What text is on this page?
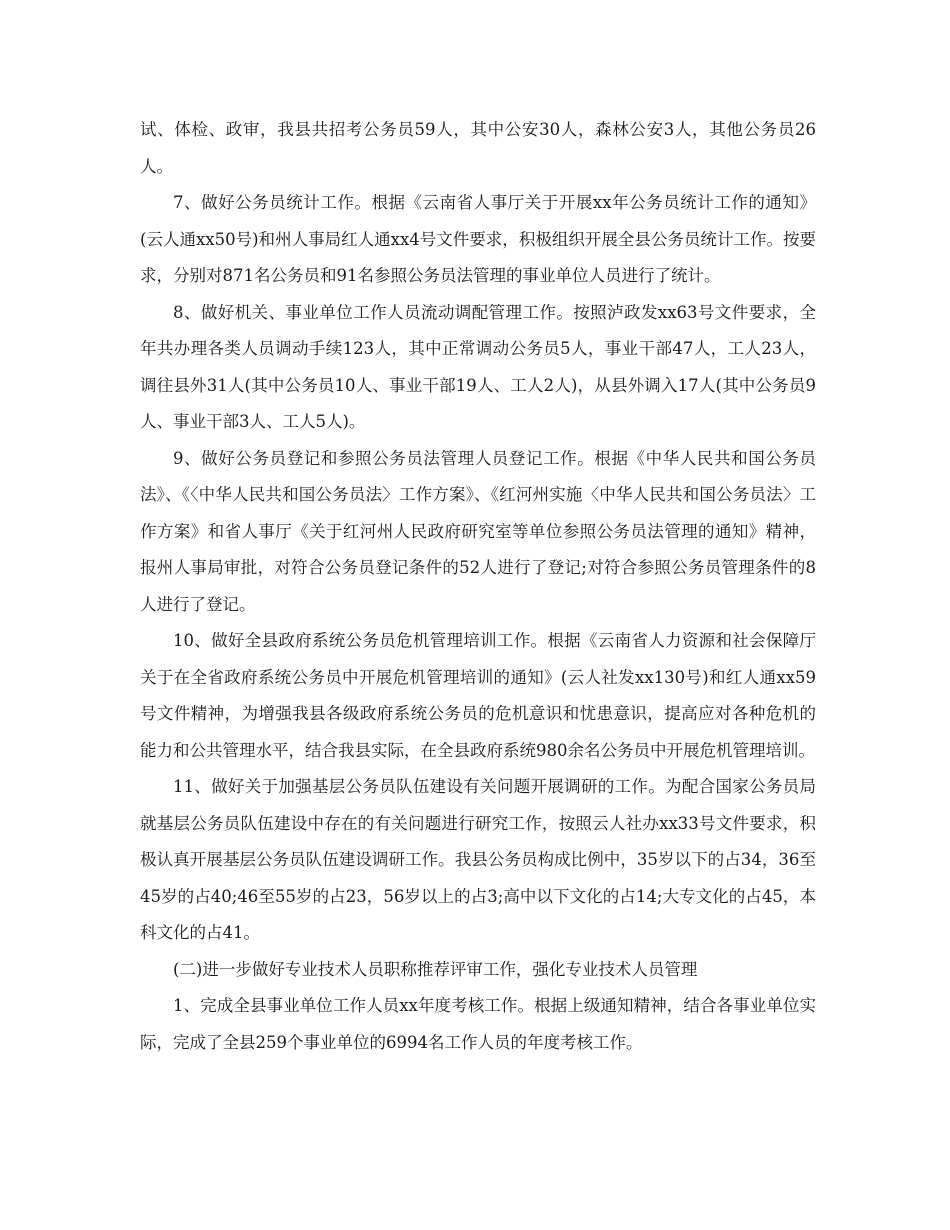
试、体检、政审，我县共招考公务员59人，其中公安30人，森林公安3人，其他公务员26人。

7、做好公务员统计工作。根据《云南省人事厅关于开展xx年公务员统计工作的通知》(云人通xx50号)和州人事局红人通xx4号文件要求，积极组织开展全县公务员统计工作。按要求，分别对871名公务员和91名参照公务员法管理的事业单位人员进行了统计。

8、做好机关、事业单位工作人员流动调配管理工作。按照泸政发xx63号文件要求，全年共办理各类人员调动手续123人，其中正常调动公务员5人，事业干部47人，工人23人，调往县外31人(其中公务员10人、事业干部19人、工人2人)，从县外调入17人(其中公务员9人、事业干部3人、工人5人)。

9、做好公务员登记和参照公务员法管理人员登记工作。根据《中华人民共和国公务员法》、《〈中华人民共和国公务员法〉工作方案》、《红河州实施〈中华人民共和国公务员法〉工作方案》和省人事厅《关于红河州人民政府研究室等单位参照公务员法管理的通知》精神，报州人事局审批，对符合公务员登记条件的52人进行了登记;对符合参照公务员管理条件的8人进行了登记。

10、做好全县政府系统公务员危机管理培训工作。根据《云南省人力资源和社会保障厅关于在全省政府系统公务员中开展危机管理培训的通知》(云人社发xx130号)和红人通xx59号文件精神，为增强我县各级政府系统公务员的危机意识和忧患意识，提高应对各种危机的能力和公共管理水平，结合我县实际，在全县政府系统980余名公务员中开展危机管理培训。

11、做好关于加强基层公务员队伍建设有关问题开展调研的工作。为配合国家公务员局就基层公务员队伍建设中存在的有关问题进行研究工作，按照云人社办xx33号文件要求，积极认真开展基层公务员队伍建设调研工作。我县公务员构成比例中，35岁以下的占34，36至45岁的占40;46至55岁的占23，56岁以上的占3;高中以下文化的占14;大专文化的占45，本科文化的占41。

(二)进一步做好专业技术人员职称推荐评审工作，强化专业技术人员管理

1、完成全县事业单位工作人员xx年度考核工作。根据上级通知精神，结合各事业单位实际，完成了全县259个事业单位的6994名工作人员的年度考核工作。
